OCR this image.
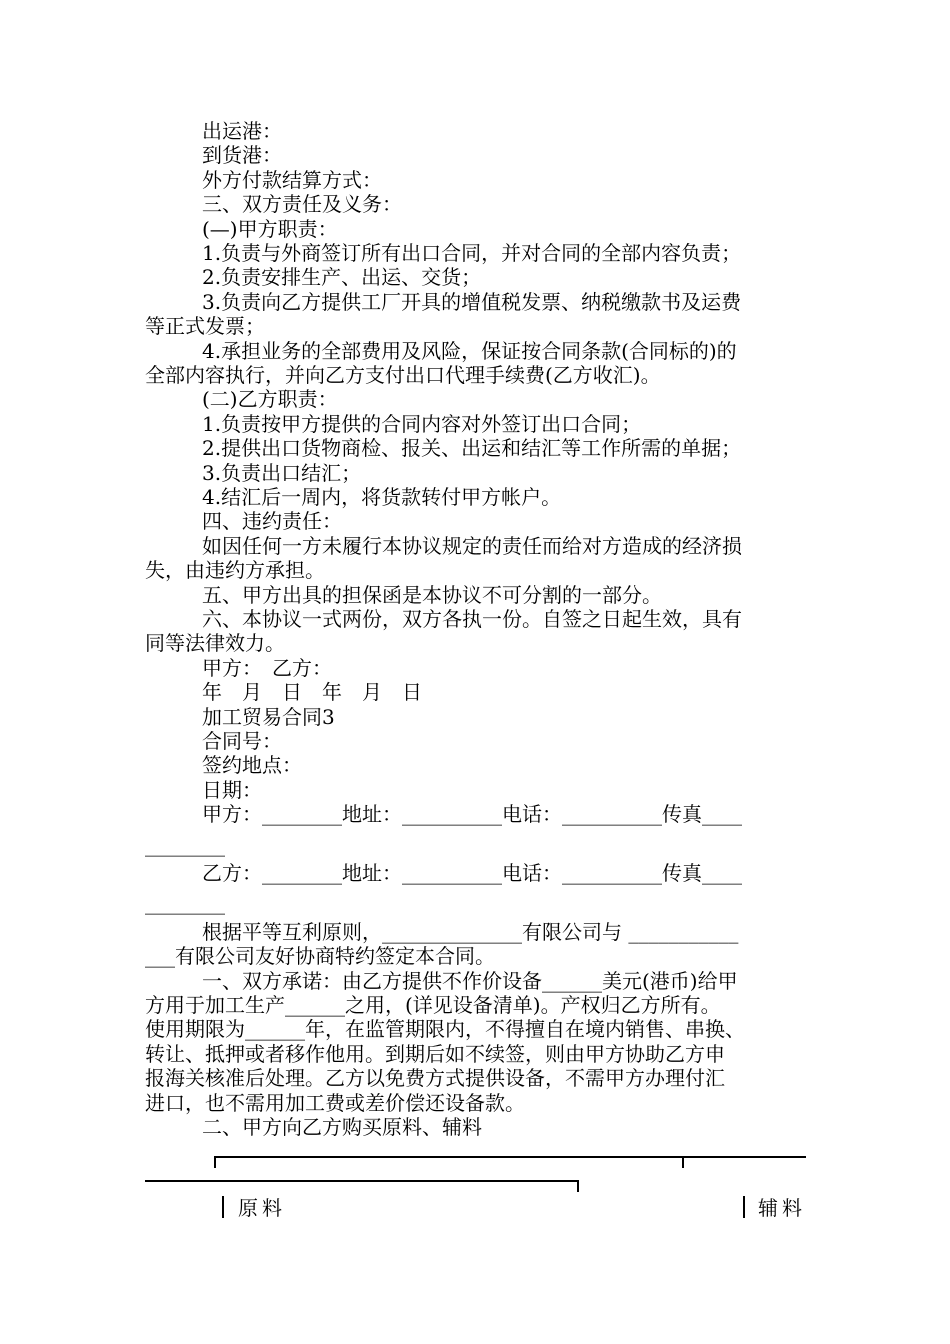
出运港：
到货港：
外方付款结算方式：
三、双方责任及义务：
(—)甲方职责：
1.负责与外商签订所有出口合同，并对合同的全部内容负责；
2.负责安排生产、出运、交货；
3.负责向乙方提供工厂开具的增值税发票、纳税缴款书及运费
等正式发票；
4.承担业务的全部费用及风险，保证按合同条款(合同标的)的
全部内容执行，并向乙方支付出口代理手续费(乙方收汇)。
(二)乙方职责：
1.负责按甲方提供的合同内容对外签订出口合同；
2.提供出口货物商检、报关、出运和结汇等工作所需的单据；
3.负责出口结汇；
4.结汇后一周内，将货款转付甲方帐户。
四、违约责任：
如因任何一方未履行本协议规定的责任而给对方造成的经济损
失，由违约方承担。
五、甲方出具的担保函是本协议不可分割的一部分。
六、本协议一式两份，双方各执一份。自签之日起生效，具有
同等法律效力。
甲方：　乙方：
年　月　日　年　月　日
加工贸易合同3
合同号：
签约地点：
日期：
甲方：________地址：__________电话：__________传真____
________
乙方：________地址：__________电话：__________传真____
________
根据平等互利原则，______________有限公司与 ___________
___有限公司友好协商特约签定本合同。
一、双方承诺：由乙方提供不作价设备______美元(港币)给甲
方用于加工生产______之用，(详见设备清单)。产权归乙方所有。
使用期限为______年，在监管期限内，不得擅自在境内销售、串换、
转让、抵押或者移作他用。到期后如不续签，则由甲方协助乙方申
报海关核准后处理。乙方以免费方式提供设备，不需甲方办理付汇
进口，也不需用加工费或差价偿还设备款。
二、甲方向乙方购买原料、辅料
原料	辅料
